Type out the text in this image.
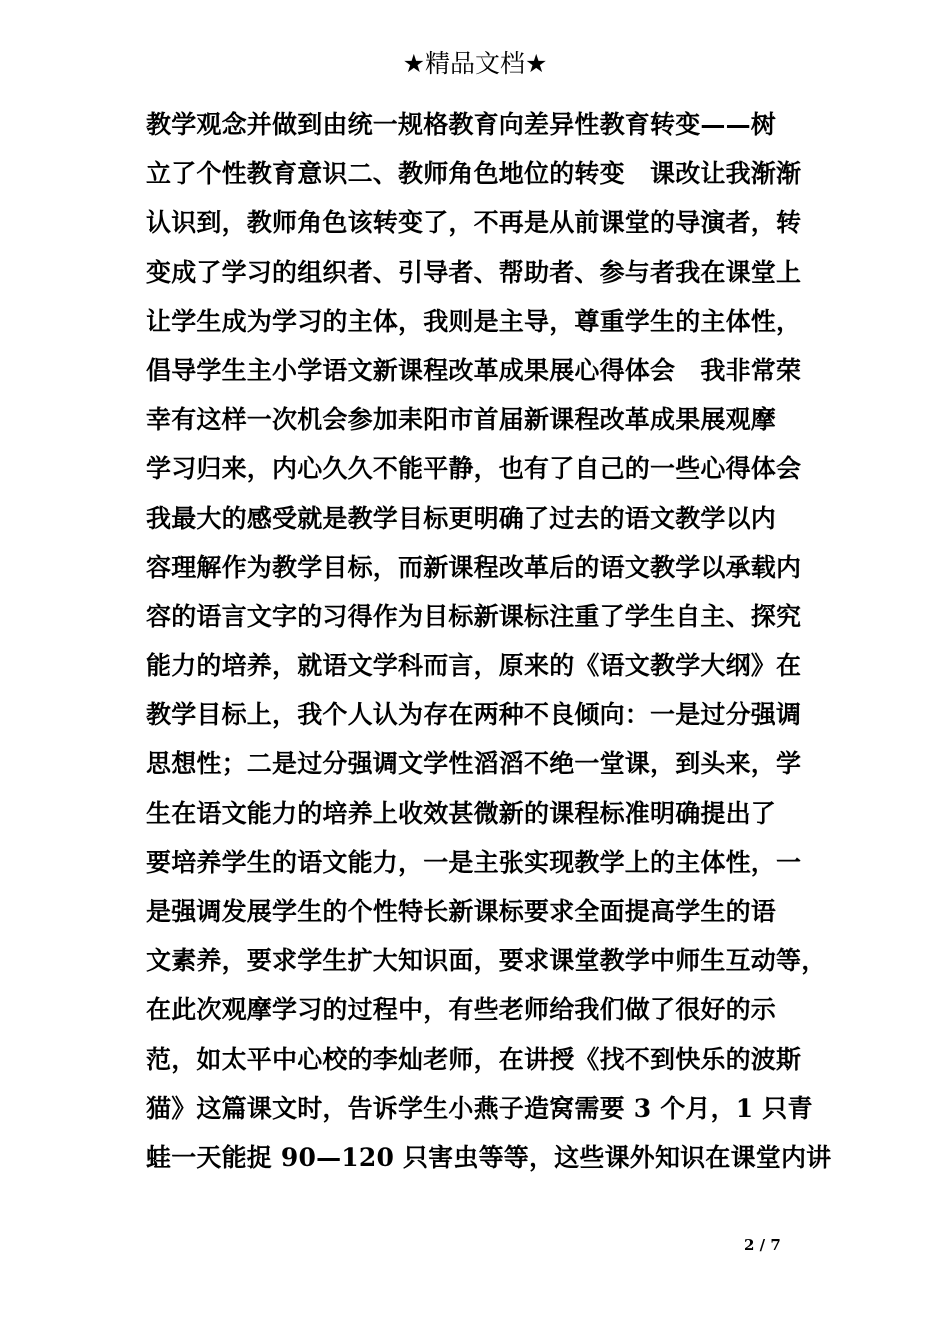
★精品文档★
教学观念并做到由统一规格教育向差异性教育转变——树
立了个性教育意识二、教师角色地位的转变　课改让我渐渐
认识到，教师角色该转变了，不再是从前课堂的导演者，转
变成了学习的组织者、引导者、帮助者、参与者我在课堂上
让学生成为学习的主体，我则是主导，尊重学生的主体性，
倡导学生主小学语文新课程改革成果展心得体会　我非常荣
幸有这样一次机会参加耒阳市首届新课程改革成果展观摩
学习归来，内心久久不能平静，也有了自己的一些心得体会
我最大的感受就是教学目标更明确了过去的语文教学以内
容理解作为教学目标，而新课程改革后的语文教学以承载内
容的语言文字的习得作为目标新课标注重了学生自主、探究
能力的培养，就语文学科而言，原来的《语文教学大纲》在
教学目标上，我个人认为存在两种不良倾向：一是过分强调
思想性；二是过分强调文学性滔滔不绝一堂课，到头来，学
生在语文能力的培养上收效甚微新的课程标准明确提出了
要培养学生的语文能力，一是主张实现教学上的主体性，一
是强调发展学生的个性特长新课标要求全面提高学生的语
文素养，要求学生扩大知识面，要求课堂教学中师生互动等，
在此次观摩学习的过程中，有些老师给我们做了很好的示
范，如太平中心校的李灿老师，在讲授《找不到快乐的波斯
猫》这篇课文时，告诉学生小燕子造窝需要 3 个月，1 只青
蛙一天能捉 90—120 只害虫等等，这些课外知识在课堂内讲
2 / 7
